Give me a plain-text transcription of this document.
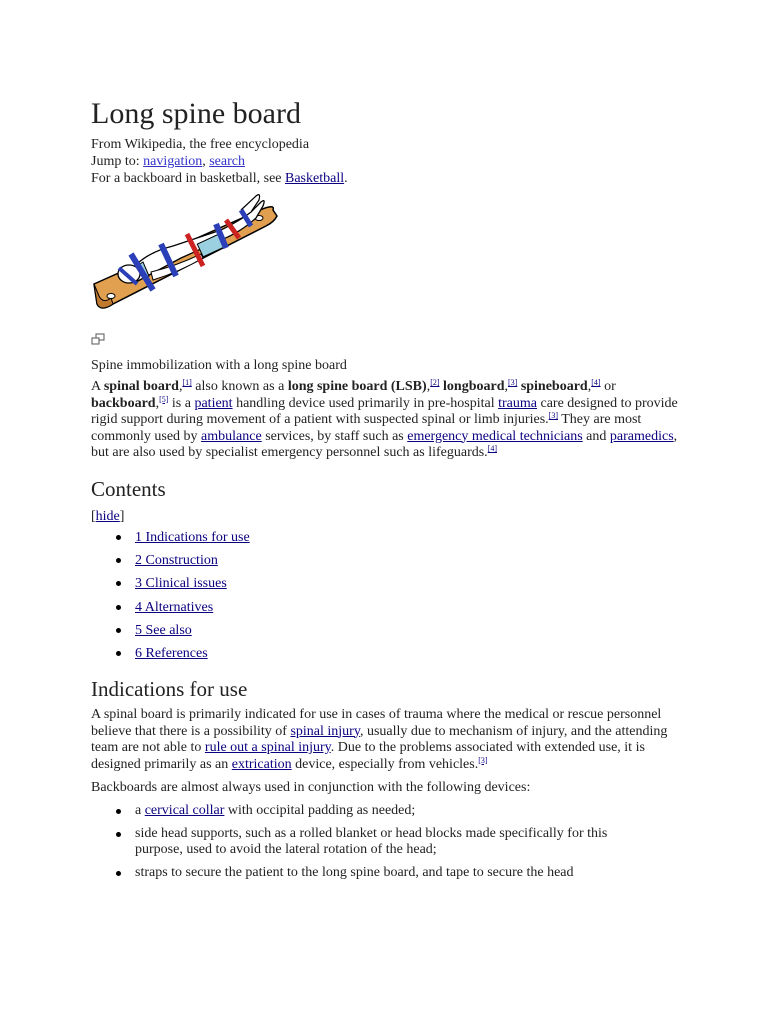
Long spine board
From Wikipedia, the free encyclopedia
Jump to: navigation, search
For a backboard in basketball, see Basketball.
Spine immobilization with a long spine board
A spinal board,[1] also known as a long spine board (LSB),[2] longboard,[3] spineboard,[4] or backboard,[5] is a patient handling device used primarily in pre-hospital trauma care designed to provide rigid support during movement of a patient with suspected spinal or limb injuries.[3] They are most commonly used by ambulance services, by staff such as emergency medical technicians and paramedics, but are also used by specialist emergency personnel such as lifeguards.[4]
Contents
[hide]
1 Indications for use
2 Construction
3 Clinical issues
4 Alternatives
5 See also
6 References
Indications for use
A spinal board is primarily indicated for use in cases of trauma where the medical or rescue personnel believe that there is a possibility of spinal injury, usually due to mechanism of injury, and the attending team are not able to rule out a spinal injury. Due to the problems associated with extended use, it is designed primarily as an extrication device, especially from vehicles.[3]
Backboards are almost always used in conjunction with the following devices:
a cervical collar with occipital padding as needed;
side head supports, such as a rolled blanket or head blocks made specifically for this purpose, used to avoid the lateral rotation of the head;
straps to secure the patient to the long spine board, and tape to secure the head
